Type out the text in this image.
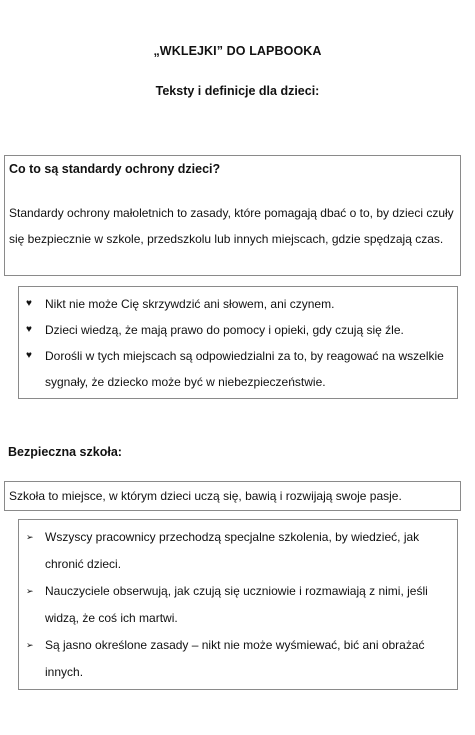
„WKLEJKI” DO LAPBOOKA
Teksty i definicje dla dzieci:
Co to są standardy ochrony dzieci?
Standardy ochrony małoletnich to zasady, które pomagają dbać o to, by dzieci czuły się bezpiecznie w szkole, przedszkolu lub innych miejscach, gdzie spędzają czas.
♥ Nikt nie może Cię skrzywdzić ani słowem, ani czynem.
♥ Dzieci wiedzą, że mają prawo do pomocy i opieki, gdy czują się źle.
♥ Dorośli w tych miejscach są odpowiedzialni za to, by reagować na wszelkie sygnały, że dziecko może być w niebezpieczeństwie.
Bezpieczna szkoła:
Szkoła to miejsce, w którym dzieci uczą się, bawią i rozwijają swoje pasje.
➢ Wszyscy pracownicy przechodzą specjalne szkolenia, by wiedzieć, jak chronić dzieci.
➢ Nauczyciele obserwują, jak czują się uczniowie i rozmawiają z nimi, jeśli widzą, że coś ich martwi.
➢ Są jasno określone zasady – nikt nie może wyśmiewać, bić ani obrażać innych.
